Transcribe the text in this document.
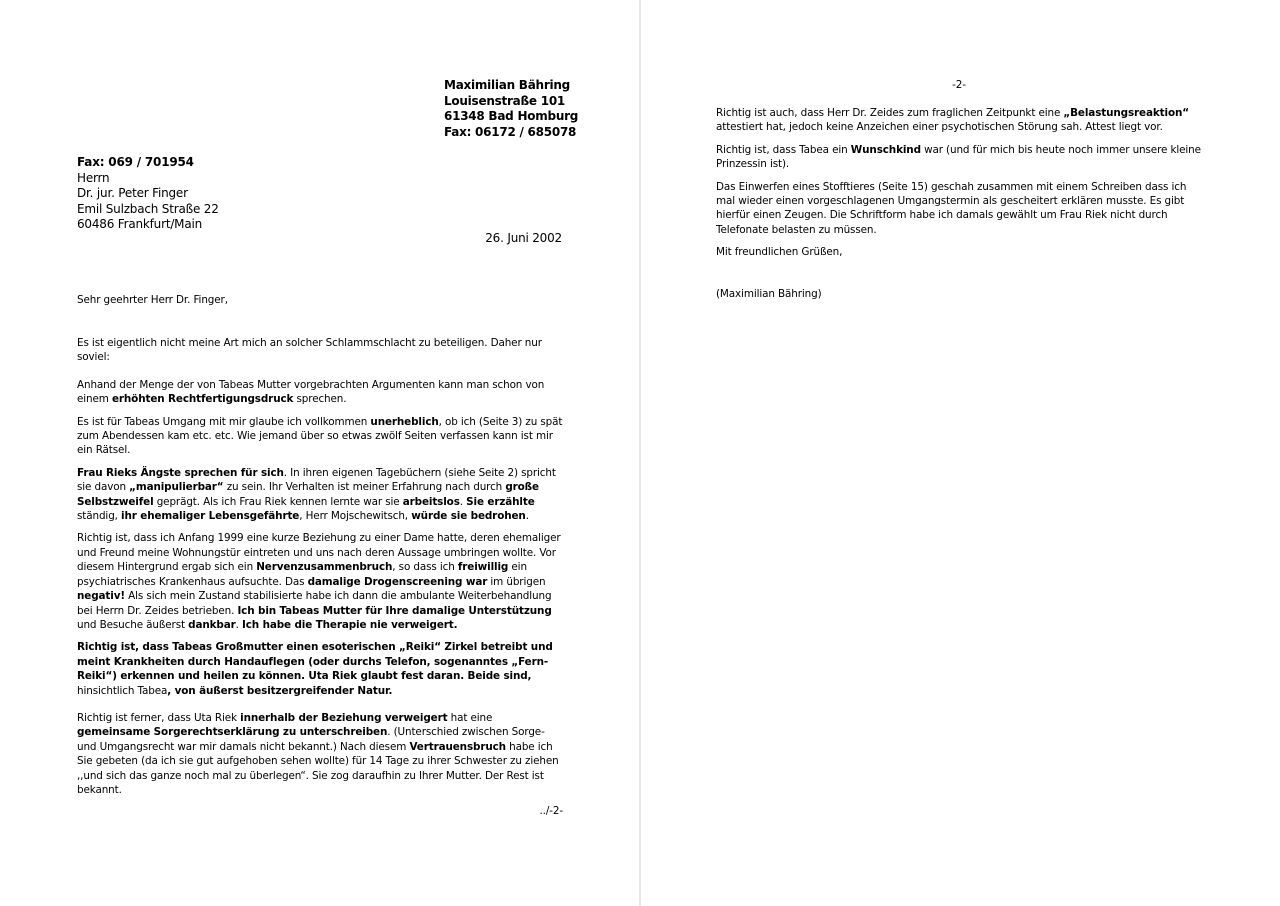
Maximilian Bähring
Louisenstraße 101
61348 Bad Homburg
Fax: 06172 / 685078
Fax: 069 / 701954
Herrn
Dr. jur. Peter Finger
Emil Sulzbach Straße 22
60486 Frankfurt/Main
26. Juni 2002
Sehr geehrter Herr Dr. Finger,

Es ist eigentlich nicht meine Art mich an solcher Schlammschlacht zu beteiligen. Daher nur soviel:

Anhand der Menge der von Tabeas Mutter vorgebrachten Argumenten kann man schon von einem erhöhten Rechtfertigungsdruck sprechen.

Es ist für Tabeas Umgang mit mir glaube ich vollkommen unerheblich, ob ich (Seite 3) zu spät zum Abendessen kam etc. etc. Wie jemand über so etwas zwölf Seiten verfassen kann ist mir ein Rätsel.

Frau Rieks Ängste sprechen für sich. In ihren eigenen Tagebüchern (siehe Seite 2) spricht sie davon „manipulierbar“ zu sein. Ihr Verhalten ist meiner Erfahrung nach durch große Selbstzweifel geprägt. Als ich Frau Riek kennen lernte war sie arbeitslos. Sie erzählte ständig, ihr ehemaliger Lebensgefährte, Herr Mojschewitsch, würde sie bedrohen.

Richtig ist, dass ich Anfang 1999 eine kurze Beziehung zu einer Dame hatte, deren ehemaliger und Freund meine Wohnungstür eintreten und uns nach deren Aussage umbringen wollte. Vor diesem Hintergrund ergab sich ein Nervenzusammenbruch, so dass ich freiwillig ein psychiatrisches Krankenhaus aufsuchte. Das damalige Drogenscreening war im übrigen negativ! Als sich mein Zustand stabilisierte habe ich dann die ambulante Weiterbehandlung bei Herrn Dr. Zeides betrieben. Ich bin Tabeas Mutter für Ihre damalige Unterstützung und Besuche äußerst dankbar. Ich habe die Therapie nie verweigert.

Richtig ist, dass Tabeas Großmutter einen esoterischen „Reiki“ Zirkel betreibt und meint Krankheiten durch Handauflegen (oder durchs Telefon, sogenanntes „Fern-Reiki“) erkennen und heilen zu können. Uta Riek glaubt fest daran. Beide sind, hinsichtlich Tabea, von äußerst besitzergreifender Natur.

Richtig ist ferner, dass Uta Riek innerhalb der Beziehung verweigert hat eine gemeinsame Sorgerechtserklärung zu unterschreiben. (Unterschied zwischen Sorge- und Umgangsrecht war mir damals nicht bekannt.) Nach diesem Vertrauensbruch habe ich Sie gebeten (da ich sie gut aufgehoben sehen wollte) für 14 Tage zu ihrer Schwester zu ziehen ,,und sich das ganze noch mal zu überlegen“. Sie zog daraufhin zu Ihrer Mutter. Der Rest ist bekannt.

../-2-
-2-

Richtig ist auch, dass Herr Dr. Zeides zum fraglichen Zeitpunkt eine „Belastungsreaktion“ attestiert hat, jedoch keine Anzeichen einer psychotischen Störung sah. Attest liegt vor.

Richtig ist, dass Tabea ein Wunschkind war (und für mich bis heute noch immer unsere kleine Prinzessin ist).

Das Einwerfen eines Stofftieres (Seite 15) geschah zusammen mit einem Schreiben dass ich mal wieder einen vorgeschlagenen Umgangstermin als gescheitert erklären musste. Es gibt hierfür einen Zeugen. Die Schriftform habe ich damals gewählt um Frau Riek nicht durch Telefonate belasten zu müssen.

Mit freundlichen Grüßen,

(Maximilian Bähring)
